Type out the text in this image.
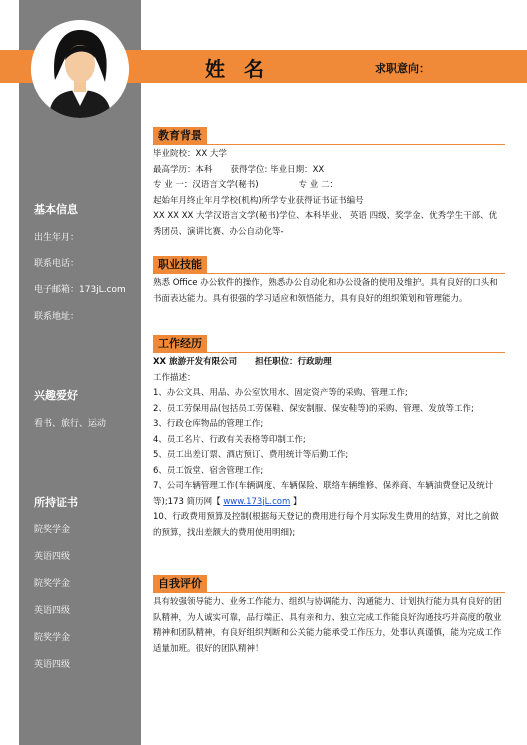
姓 名	求职意向：
基本信息
出生年月：
联系电话：
电子邮箱：173jL.com
联系地址：
兴趣爱好
看书、旅行、运动
所持证书
院奖学金
英语四级
院奖学金
英语四级
院奖学金
英语四级
教育背景
毕业院校：XX 大学
最高学历：本科 获得学位: 毕业日期：XX
专 业 一：汉语言文学(秘书)	专 业 二：
起始年月终止年月学校(机构)所学专业获得证书证书编号
XX XX XX 大学汉语言文学(秘书)学位、本科毕业、 英语 四级、奖学金、优秀学生干部、优秀团员、演讲比赛、办公自动化等-
职业技能
熟悉 Office 办公软件的操作，熟悉办公自动化和办公设备的使用及维护。具有良好的口头和书面表达能力。具有很强的学习适应和领悟能力，具有良好的组织策划和管理能力。
工作经历
XX 旅游开发有限公司 担任职位：行政助理
工作描述：
1、办公文具、用品、办公室饮用水、固定资产等的采购、管理工作;
2、员工劳保用品(包括员工劳保鞋、保安制服、保安鞋等)的采购、管理、发放等工作;
3、行政仓库物品的管理工作;
4、员工名片、行政有关表格等印制工作;
5、员工出差订票、酒店预订、费用统计等后勤工作;
6、员工饭堂、宿舍管理工作;
7、公司车辆管理工作(车辆调度、车辆保险、联络车辆维修、保养商、车辆油费登记及统计等);173 简历网【 www.173jL.com 】
10、行政费用预算及控制(根据每天登记的费用进行每个月实际发生费用的结算，对比之前做的预算，找出差额大的费用使用明细);
自我评价
具有较强领导能力、业务工作能力、组织与协调能力、沟通能力、计划执行能力具有良好的团队精神，为人诚实可靠，品行端正、具有亲和力、独立完成工作能良好沟通技巧并高度的敬业精神和团队精神，有良好组织判断和公关能力能承受工作压力，处事认真谨慎，能为完成工作适量加班。很好的团队精神！
